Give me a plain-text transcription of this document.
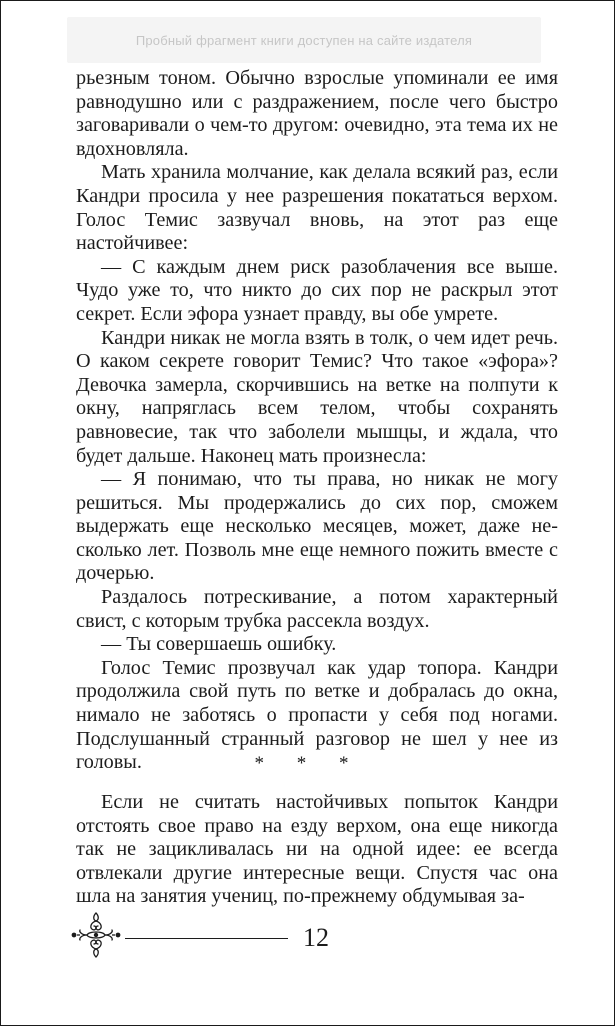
Пробный фрагмент книги доступен на сайте издателя

рьезным тоном. Обычно взрослые упоминали ее имя равнодушно или с раздражением, после чего быстро заговаривали о чем-то другом: очевидно, эта тема их не вдохновляла.

Мать хранила молчание, как делала всякий раз, если Кандри просила у нее разрешения покататься верхом. Голос Темис зазвучал вновь, на этот раз еще настойчивее:

— С каждым днем риск разоблачения все выше. Чудо уже то, что никто до сих пор не раскрыл этот секрет. Если эфора узнает правду, вы обе умрете.

Кандри никак не могла взять в толк, о чем идет речь. О каком секрете говорит Темис? Что такое «эфора»? Девочка замерла, скорчившись на ветке на полпути к окну, напряглась всем телом, чтобы сохранять равновесие, так что заболели мышцы, и ждала, что будет дальше. Наконец мать произнесла:

— Я понимаю, что ты права, но никак не могу решиться. Мы продержались до сих пор, сможем выдержать еще несколько месяцев, может, даже несколько лет. Позволь мне еще немного пожить вместе с дочерью.

Раздалось потрескивание, а потом характерный свист, с которым трубка рассекла воздух.

— Ты совершаешь ошибку.

Голос Темис прозвучал как удар топора. Кандри продолжила свой путь по ветке и добралась до окна, нимало не заботясь о пропасти у себя под ногами. Подслушанный странный разговор не шел у нее из головы.	* * *

Если не считать настойчивых попыток Кандри отстоять свое право на езду верхом, она еще никогда так не зацикливалась ни на одной идее: ее всегда отвлекали другие интересные вещи. Спустя час она шла на занятия учениц, по-прежнему обдумывая за-

12
